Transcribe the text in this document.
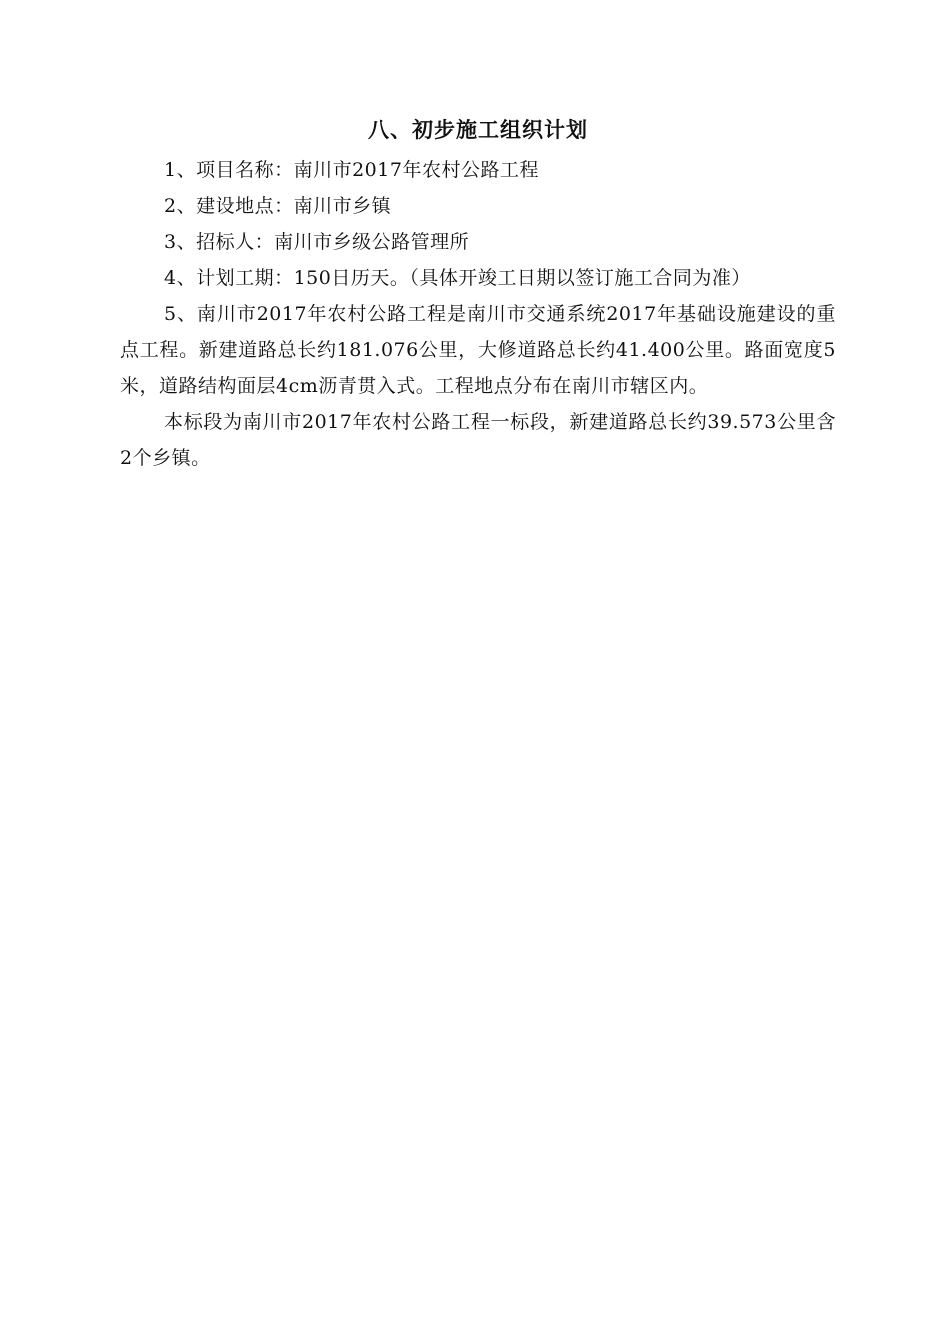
八、初步施工组织计划

1、项目名称：南川市2017年农村公路工程

2、建设地点：南川市乡镇

3、招标人：南川市乡级公路管理所

4、计划工期：150日历天。（具体开竣工日期以签订施工合同为准）

5、南川市2017年农村公路工程是南川市交通系统2017年基础设施建设的重点工程。新建道路总长约181.076公里，大修道路总长约41.400公里。路面宽度5米，道路结构面层4cm沥青贯入式。工程地点分布在南川市辖区内。

本标段为南川市2017年农村公路工程一标段，新建道路总长约39.573公里含2个乡镇。
